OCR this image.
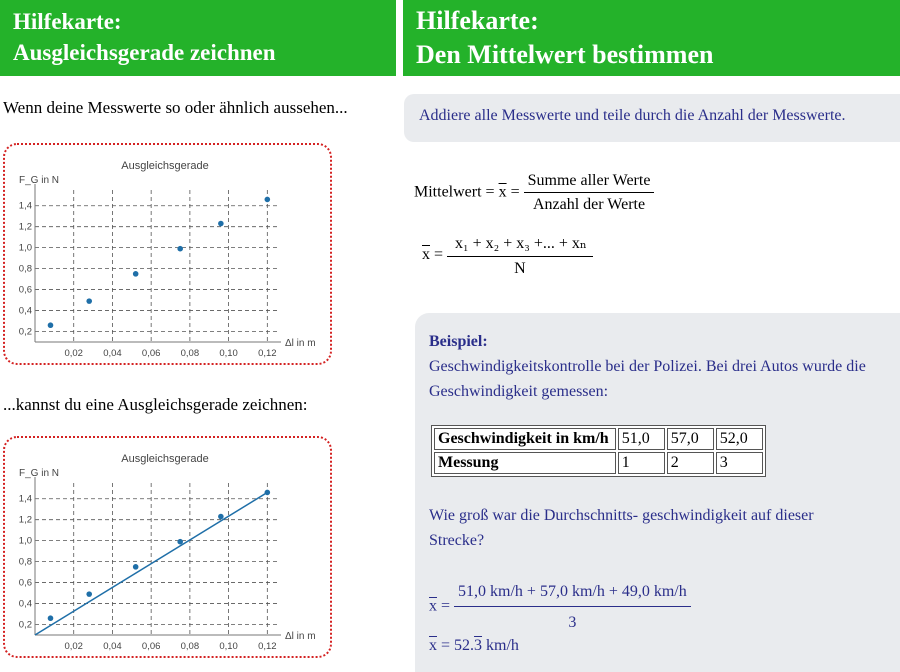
Hilfekarte:
Ausgleichsgerade zeichnen
Wenn deine Messwerte so oder ähnlich aussehen...
Ausgleichsgerade
F_G in N
Δl in m
0,02 0,04 0,06 0,08 0,10 0,12
0,2
0,4
0,6
0,8
1,0
1,2
1,4
...kannst du eine Ausgleichsgerade zeichnen:
Ausgleichsgerade
F_G in N
Δl in m
0,02 0,04 0,06 0,08 0,10 0,12
0,2
0,4
0,6
0,8
1,0
1,2
1,4
Hilfekarte:
Den Mittelwert bestimmen
Addiere alle Messwerte und teile durch die Anzahl der Messwerte.
Mittelwert = $\overline{x} = \frac{\text{Summe aller Werte}}{\text{Anzahl der Werte}}$
$\overline{x} = \frac{\text{x₁ + x₂ + x₃ +... + xₙ}}{N}$
Beispiel:
Geschwindigkeitskontrolle bei der Polizei. Bei drei Autos wurde die Geschwindigkeit gemessen:
Geschwindigkeit in km/h	51,0	57,0	52,0
Messung	1	2	3
Wie groß war die Durchschnitts- geschwindigkeit auf dieser Strecke?
$\overline{x} = \frac{51,0 km/h + 57,0 km/h + 49,0 km/h}{3}$
$\overline{x} = 52.3$ km/h
